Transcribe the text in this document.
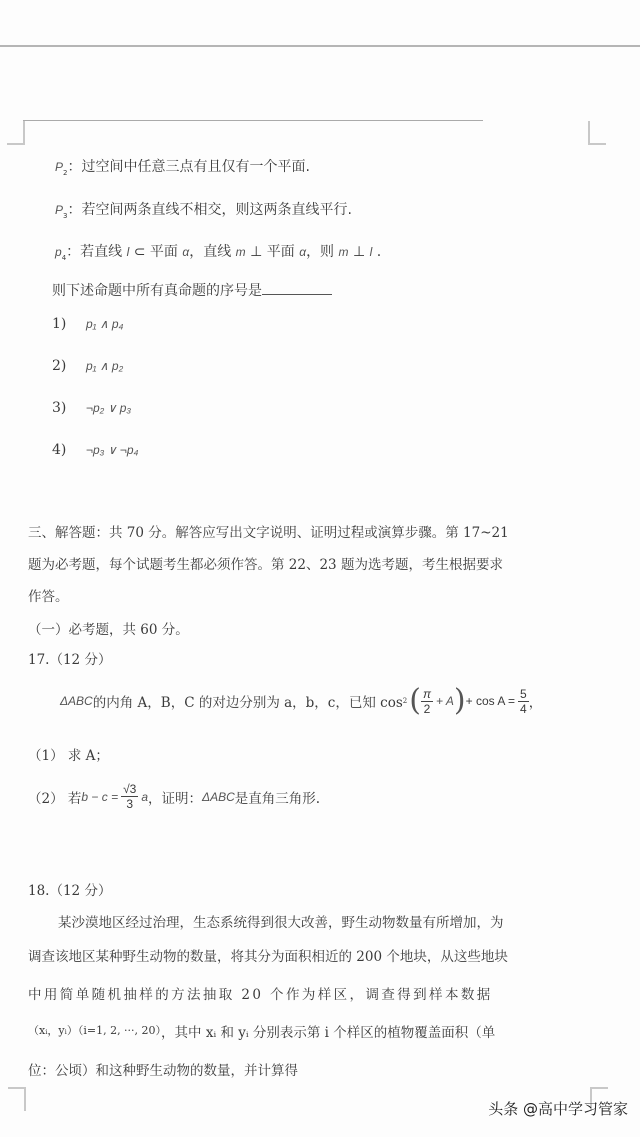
$P_2$：过空间中任意三点有且仅有一个平面.
$P_3$：若空间两条直线不相交，则这两条直线平行.
$p_4$：若直线 l ⊂ 平面 α，直线 m ⊥ 平面 α，则 m ⊥ l .
则下述命题中所有真命题的序号是
1) p₁ ∧ p₄
2) p₁ ∧ p₂
3) ¬p₂ ∨ p₃
4) ¬p₃ ∨ ¬p₄
三、解答题：共 70 分。解答应写出文字说明、证明过程或演算步骤。第 17~21
题为必考题，每个试题考生都必须作答。第 22、23 题为选考题，考生根据要求
作答。
（一）必考题，共 60 分。
17.（12 分）
ΔABC 的内角 A，B，C 的对边分别为 a，b，c，已知 cos 2 ( $\frac{\pi}{2} + A$ ) + $\cos A = \frac{5}{4}$ ，
（1） 求 A；
（2） 若 $b - c = \frac{√3}{3}$ a ，证明： ΔABC 是直角三角形.
18.（12 分）
某沙漠地区经过治理，生态系统得到很大改善，野生动物数量有所增加，为
调查该地区某种野生动物的数量，将其分为面积相近的 200 个地块，从这些地块
中用简单随机抽样的方法抽取 20 个作为样区，调查得到样本数据
$^{(xᵢ,yᵢ)(i=1, 2, \cdot\cdot\cdot, 20)}$，其中 xᵢ 和 yᵢ 分别表示第 i 个样区的植物覆盖面积（单
位：公顷）和这种野生动物的数量，并计算得
头条 @高中学习管家
